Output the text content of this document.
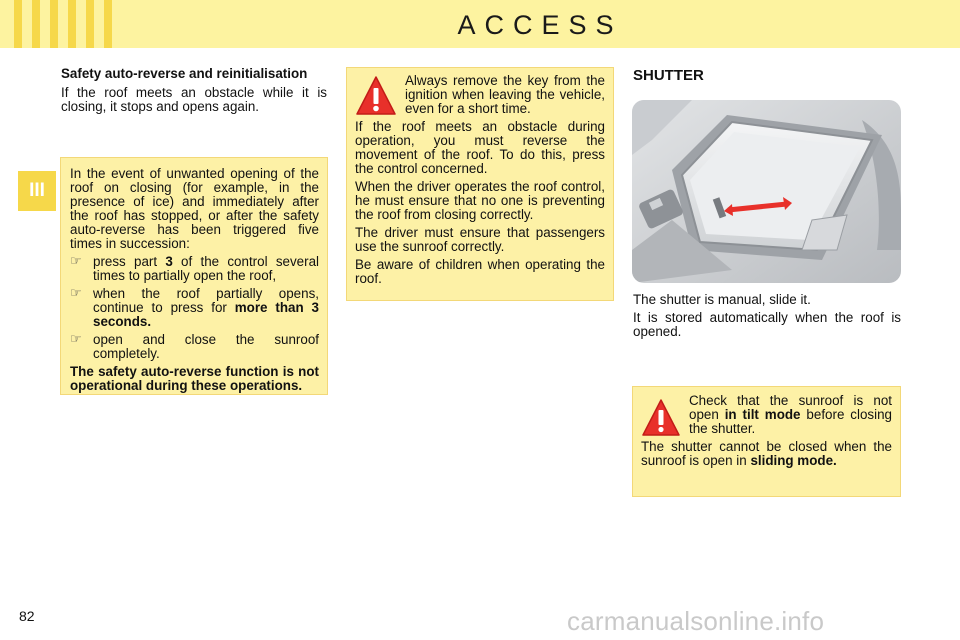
ACCESS
III
Safety auto-reverse and reinitialisation

If the roof meets an obstacle while it is closing, it stops and opens again.

In the event of unwanted opening of the roof on closing (for example, in the presence of ice) and immediately after the roof has stopped, or after the safety auto-reverse has been triggered five times in succession:

☞ press part 3 of the control several times to partially open the roof,
☞ when the roof partially opens, continue to press for more than 3 seconds.
☞ open and close the sunroof completely.

The safety auto-reverse function is not operational during these operations.

Always remove the key from the ignition when leaving the vehicle, even for a short time.

If the roof meets an obstacle during operation, you must reverse the movement of the roof. To do this, press the control concerned.

When the driver operates the roof control, he must ensure that no one is preventing the roof from closing correctly.

The driver must ensure that passengers use the sunroof correctly.

Be aware of children when operating the roof.

SHUTTER

The shutter is manual, slide it.

It is stored automatically when the roof is opened.

Check that the sunroof is not open in tilt mode before closing the shutter.

The shutter cannot be closed when the sunroof is open in sliding mode.

82	carmanualsonline.info
